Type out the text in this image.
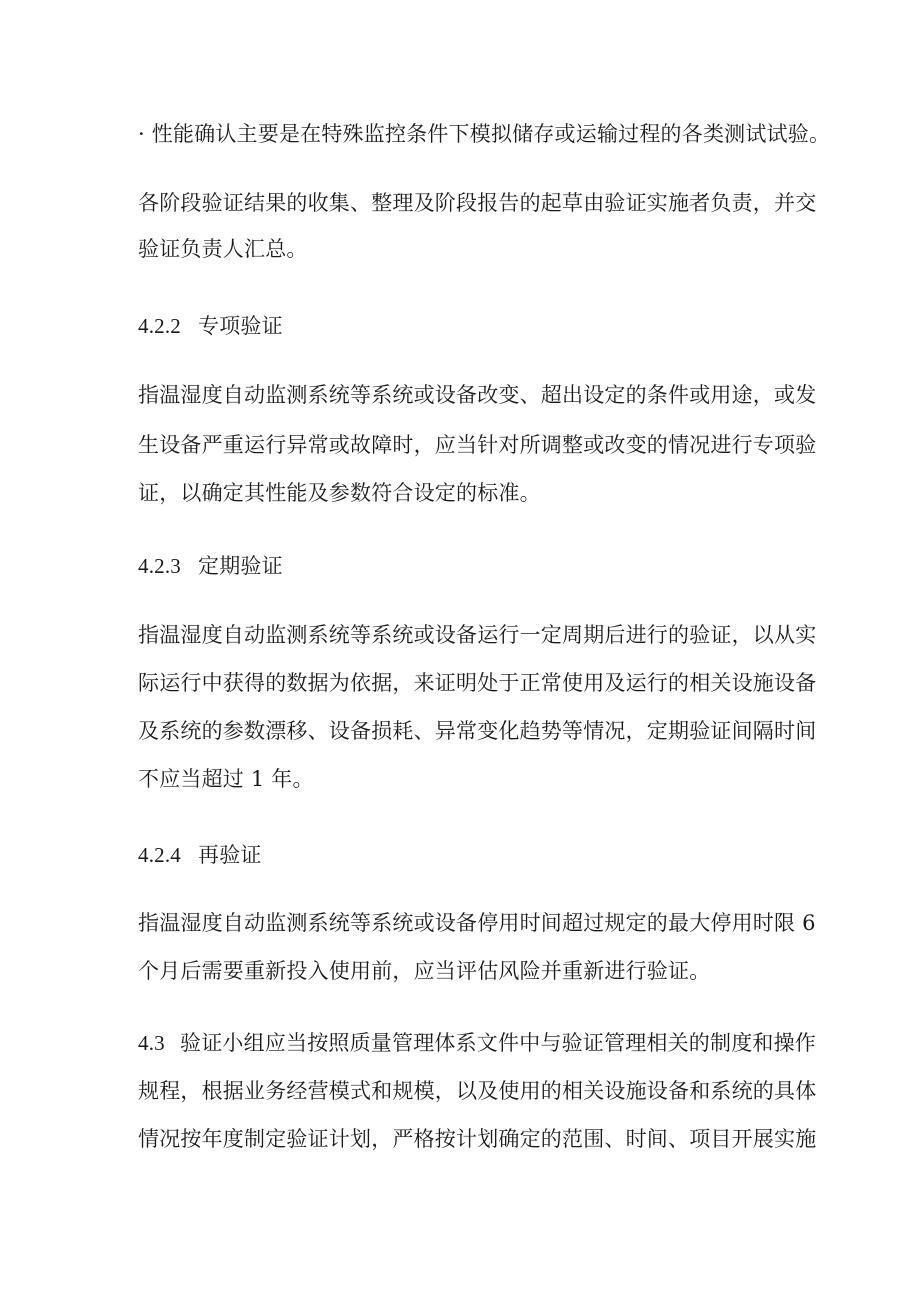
· 性能确认主要是在特殊监控条件下模拟储存或运输过程的各类测试试验。
各阶段验证结果的收集、整理及阶段报告的起草由验证实施者负责，并交
验证负责人汇总。
4.2.2 专项验证
指温湿度自动监测系统等系统或设备改变、超出设定的条件或用途，或发
生设备严重运行异常或故障时，应当针对所调整或改变的情况进行专项验
证，以确定其性能及参数符合设定的标准。
4.2.3 定期验证
指温湿度自动监测系统等系统或设备运行一定周期后进行的验证，以从实
际运行中获得的数据为依据，来证明处于正常使用及运行的相关设施设备
及系统的参数漂移、设备损耗、异常变化趋势等情况，定期验证间隔时间
不应当超过 1 年。
4.2.4 再验证
指温湿度自动监测系统等系统或设备停用时间超过规定的最大停用时限 6
个月后需要重新投入使用前，应当评估风险并重新进行验证。
4.3 验证小组应当按照质量管理体系文件中与验证管理相关的制度和操作
规程，根据业务经营模式和规模，以及使用的相关设施设备和系统的具体
情况按年度制定验证计划，严格按计划确定的范围、时间、项目开展实施
